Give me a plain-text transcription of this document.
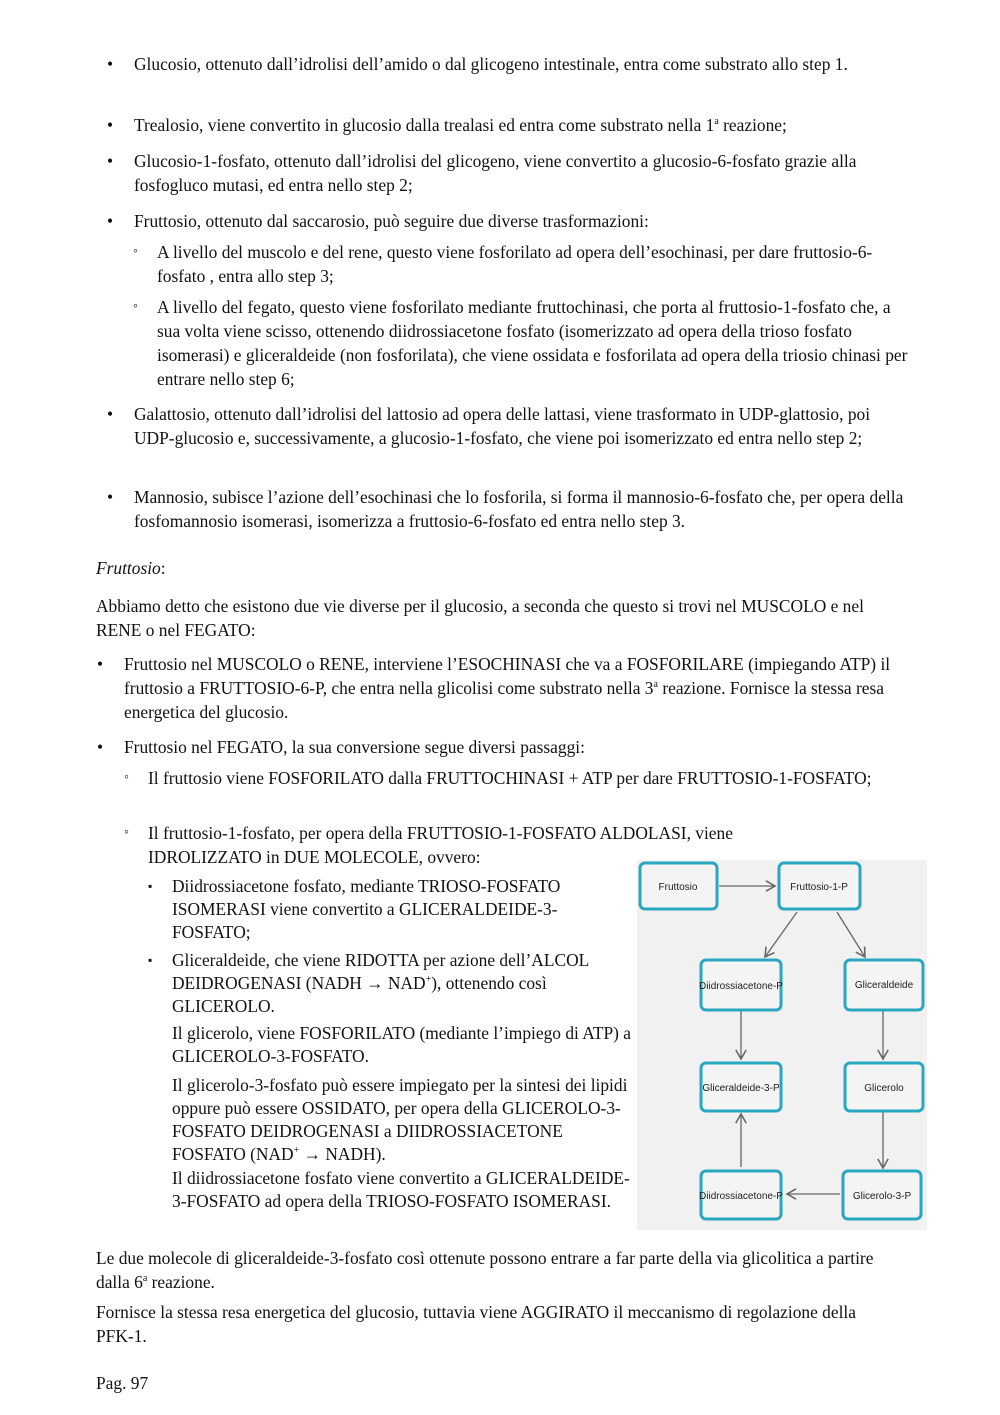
• Glucosio, ottenuto dall’idrolisi dell’amido o dal glicogeno intestinale, entra come substrato allo step 1.

• Trealosio, viene convertito in glucosio dalla trealasi ed entra come substrato nella 1$^a$ reazione;

• Glucosio-1-fosfato, ottenuto dall’idrolisi del glicogeno, viene convertito a glucosio-6-fosfato grazie alla fosfogluco mutasi, ed entra nello step 2;

• Fruttosio, ottenuto dal saccarosio, può seguire due diverse trasformazioni:

◦ A livello del muscolo e del rene, questo viene fosforilato ad opera dell’esochinasi, per dare fruttosio-6-fosfato , entra allo step 3;

◦ A livello del fegato, questo viene fosforilato mediante fruttochinasi, che porta al fruttosio-1-fosfato che, a sua volta viene scisso, ottenendo diidrossiacetone fosfato (isomerizzato ad opera della trioso fosfato isomerasi) e gliceraldeide (non fosforilata), che viene ossidata e fosforilata ad opera della triosio chinasi per entrare nello step 6;

• Galattosio, ottenuto dall’idrolisi del lattosio ad opera delle lattasi, viene trasformato in UDP-glattosio, poi UDP-glucosio e, successivamente, a glucosio-1-fosfato, che viene poi isomerizzato ed entra nello step 2;

• Mannosio, subisce l’azione dell’esochinasi che lo fosforila, si forma il mannosio-6-fosfato che, per opera della fosfomannosio isomerasi, isomerizza a fruttosio-6-fosfato ed entra nello step 3.

Fruttosio:

Abbiamo detto che esistono due vie diverse per il glucosio, a seconda che questo si trovi nel MUSCOLO e nel RENE o nel FEGATO:

• Fruttosio nel MUSCOLO o RENE, interviene l’ESOCHINASI che va a FOSFORILARE (impiegando ATP) il fruttosio a FRUTTOSIO-6-P, che entra nella glicolisi come substrato nella 3$^a$ reazione. Fornisce la stessa resa energetica del glucosio.

• Fruttosio nel FEGATO, la sua conversione segue diversi passaggi:

◦ Il fruttosio viene FOSFORILATO dalla FRUTTOCHINASI + ATP per dare FRUTTOSIO-1-FOSFATO;

◦ Il fruttosio-1-fosfato, per opera della FRUTTOSIO-1-FOSFATO ALDOLASI, viene IDROLIZZATO in DUE MOLECOLE, ovvero:

▪ Diidrossiacetone fosfato, mediante TRIOSO-FOSFATO ISOMERASI viene convertito a GLICERALDEIDE-3-FOSFATO;

▪ Gliceraldeide, che viene RIDOTTA per azione dell’ALCOL DEIDROGENASI (NADH → NAD+), ottenendo così GLICEROLO.

Il glicerolo, viene FOSFORILATO (mediante l’impiego di ATP) a GLICEROLO-3-FOSFATO.

Il glicerolo-3-fosfato può essere impiegato per la sintesi dei lipidi oppure può essere OSSIDATO, per opera della GLICEROLO-3-FOSFATO DEIDROGENASI a DIIDROSSIACETONE FOSFATO (NAD+ → NADH).

Il diidrossiacetone fosfato viene convertito a GLICERALDEIDE-3-FOSFATO ad opera della TRIOSO-FOSFATO ISOMERASI.

Fruttosio	Fruttosio-1-P
Diidrossiacetone-P	Gliceraldeide
Gliceraldeide-3-P	Glicerolo
Diidrossiacetone-P	Glicerolo-3-P

Le due molecole di gliceraldeide-3-fosfato così ottenute possono entrare a far parte della via glicolitica a partire dalla 6$^a$ reazione.

Fornisce la stessa resa energetica del glucosio, tuttavia viene AGGIRATO il meccanismo di regolazione della PFK-1.

Pag. 97
